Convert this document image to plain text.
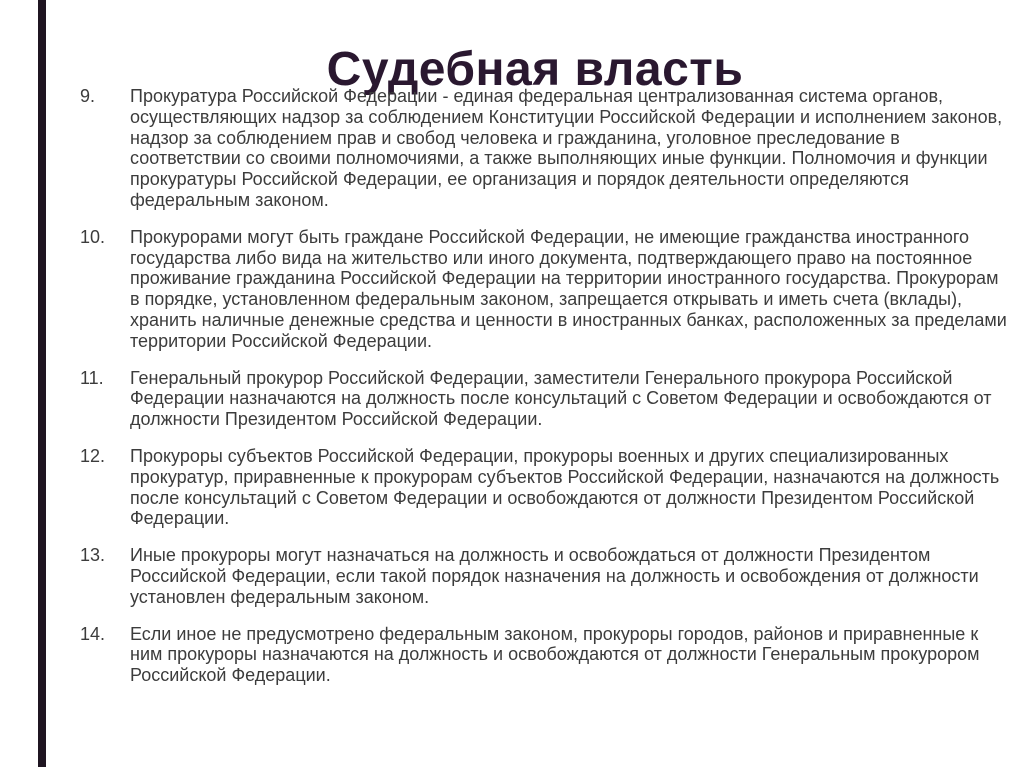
Судебная власть
9.	Прокуратура Российской Федерации - единая федеральная централизованная система органов, осуществляющих надзор за соблюдением Конституции Российской Федерации и исполнением законов, надзор за соблюдением прав и свобод человека и гражданина, уголовное преследование в соответствии со своими полномочиями, а также выполняющих иные функции. Полномочия и функции прокуратуры Российской Федерации, ее организация и порядок деятельности определяются федеральным законом.
10.	Прокурорами могут быть граждане Российской Федерации, не имеющие гражданства иностранного государства либо вида на жительство или иного документа, подтверждающего право на постоянное проживание гражданина Российской Федерации на территории иностранного государства. Прокурорам в порядке, установленном федеральным законом, запрещается открывать и иметь счета (вклады), хранить наличные денежные средства и ценности в иностранных банках, расположенных за пределами территории Российской Федерации.
11.	Генеральный прокурор Российской Федерации, заместители Генерального прокурора Российской Федерации назначаются на должность после консультаций с Советом Федерации и освобождаются от должности Президентом Российской Федерации.
12.	Прокуроры субъектов Российской Федерации, прокуроры военных и других специализированных прокуратур, приравненные к прокурорам субъектов Российской Федерации, назначаются на должность после консультаций с Советом Федерации и освобождаются от должности Президентом Российской Федерации.
13.	Иные прокуроры могут назначаться на должность и освобождаться от должности Президентом Российской Федерации, если такой порядок назначения на должность и освобождения от должности установлен федеральным законом.
14.	Если иное не предусмотрено федеральным законом, прокуроры городов, районов и приравненные к ним прокуроры назначаются на должность и освобождаются от должности Генеральным прокурором Российской Федерации.
